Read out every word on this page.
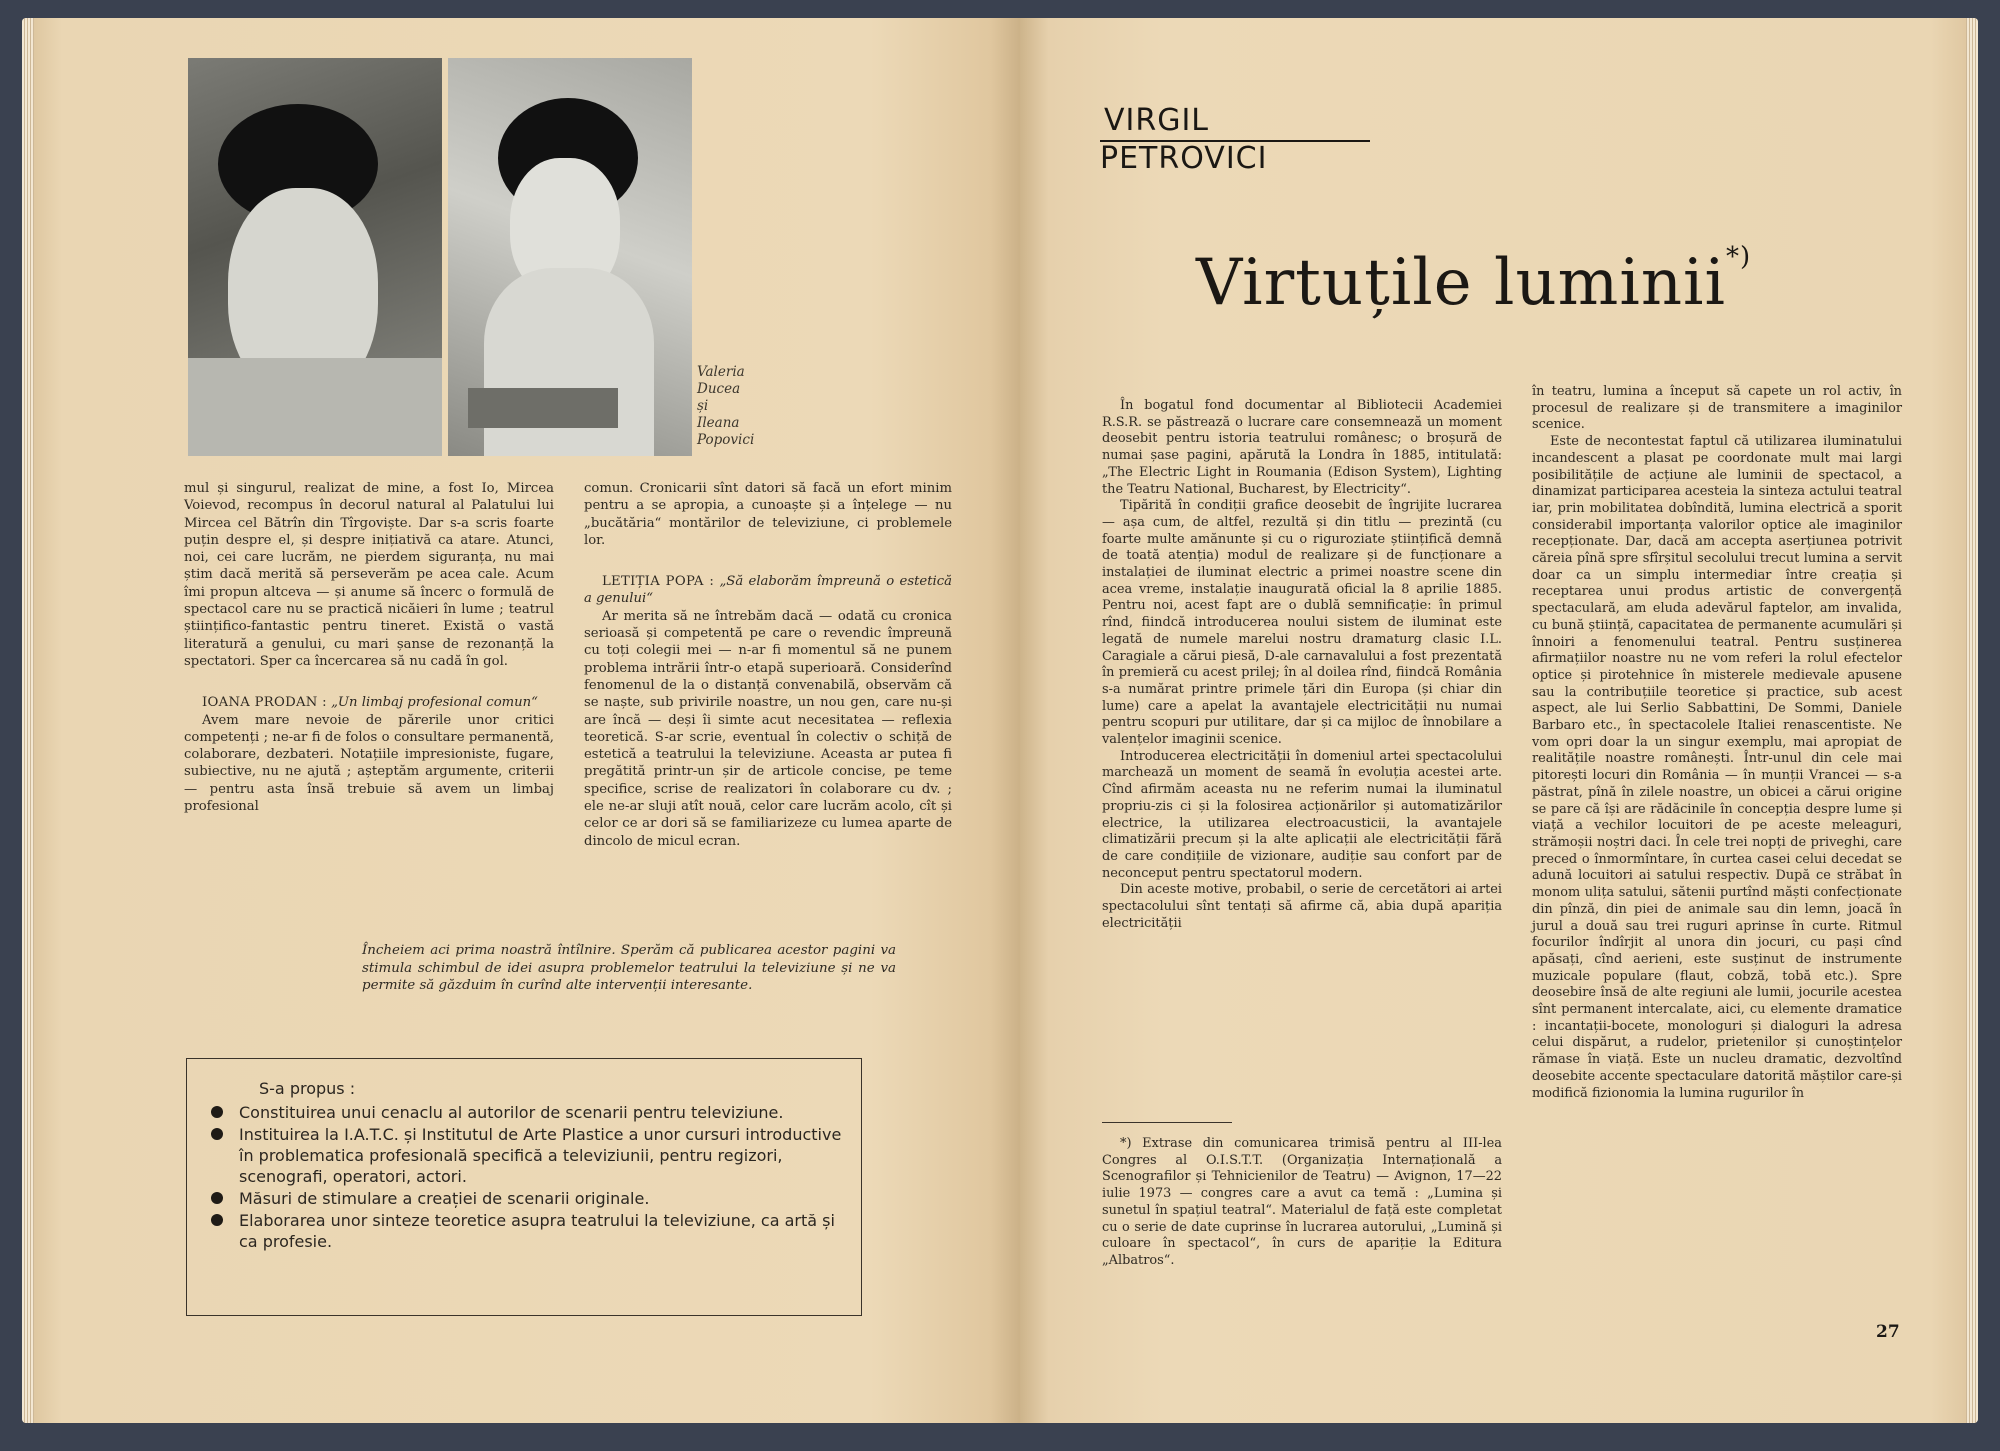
Valeria
Ducea
și
Ileana
Popovici

mul și singurul, realizat de mine, a fost Io, Mircea Voievod, recompus în decorul natural al Palatului lui Mircea cel Bătrîn din Tîrgoviște. Dar s-a scris foarte puțin despre el, și despre inițiativă ca atare. Atunci, noi, cei care lucrăm, ne pierdem siguranța, nu mai știm dacă merită să perseverăm pe acea cale. Acum îmi propun altceva — și anume să încerc o formulă de spectacol care nu se practică nicăieri în lume ; teatrul științifico-fantastic pentru tineret. Există o vastă literatură a genului, cu mari șanse de rezonanță la spectatori. Sper ca încercarea să nu cadă în gol.

IOANA PRODAN : „Un limbaj profesional comun“

Avem mare nevoie de părerile unor critici competenți ; ne-ar fi de folos o consultare permanentă, colaborare, dezbateri. Notațiile impresioniste, fugare, subiective, nu ne ajută ; așteptăm argumente, criterii — pentru asta însă trebuie să avem un limbaj profesional

comun. Cronicarii sînt datori să facă un efort minim pentru a se apropia, a cunoaște și a înțelege — nu „bucătăria“ montărilor de televiziune, ci problemele lor.

LETIȚIA POPA : „Să elaborăm împreună o estetică a genului“

Ar merita să ne întrebăm dacă — odată cu cronica serioasă și competentă pe care o revendic împreună cu toți colegii mei — n-ar fi momentul să ne punem problema intrării într-o etapă superioară. Considerînd fenomenul de la o distanță convenabilă, observăm că se naște, sub privirile noastre, un nou gen, care nu-și are încă — deși îi simte acut necesitatea — reflexia teoretică. S-ar scrie, eventual în colectiv o schiță de estetică a teatrului la televiziune. Aceasta ar putea fi pregătită printr-un șir de articole concise, pe teme specifice, scrise de realizatori în colaborare cu dv. ; ele ne-ar sluji atît nouă, celor care lucrăm acolo, cît și celor ce ar dori să se familiarizeze cu lumea aparte de dincolo de micul ecran.

Încheiem aci prima noastră întîlnire. Sperăm că publicarea acestor pagini va stimula schimbul de idei asupra problemelor teatrului la televiziune și ne va permite să găzduim în curînd alte intervenții interesante.
S-a propus :
Constituirea unui cenaclu al autorilor de scenarii pentru televiziune.
Instituirea la I.A.T.C. și Institutul de Arte Plastice a unor cursuri introductive în problematica profesională specifică a televiziunii, pentru regizori, scenografi, operatori, actori.
Măsuri de stimulare a creației de scenarii originale.
Elaborarea unor sinteze teoretice asupra teatrului la televiziune, ca artă și ca profesie.
VIRGIL
PETROVICI
Virtuțile luminii*)

În bogatul fond documentar al Bibliotecii Academiei R.S.R. se păstrează o lucrare care consemnează un moment deosebit pentru istoria teatrului românesc; o broșură de numai șase pagini, apărută la Londra în 1885, intitulată: „The Electric Light in Roumania (Edison System), Lighting the Teatru National, Bucharest, by Electricity“.

Tipărită în condiții grafice deosebit de îngrijite lucrarea — așa cum, de altfel, rezultă și din titlu — prezintă (cu foarte multe amănunte și cu o riguroziate științifică demnă de toată atenția) modul de realizare și de funcționare a instalației de iluminat electric a primei noastre scene din acea vreme, instalație inaugurată oficial la 8 aprilie 1885. Pentru noi, acest fapt are o dublă semnificație: în primul rînd, fiindcă introducerea noului sistem de iluminat este legată de numele marelui nostru dramaturg clasic I.L. Caragiale a cărui piesă, D-ale carnavalului a fost prezentată în premieră cu acest prilej; în al doilea rînd, fiindcă România s-a numărat printre primele țări din Europa (și chiar din lume) care a apelat la avantajele electricității nu numai pentru scopuri pur utilitare, dar și ca mijloc de înnobilare a valențelor imaginii scenice.

Introducerea electricității în domeniul artei spectacolului marchează un moment de seamă în evoluția acestei arte. Cînd afirmăm aceasta nu ne referim numai la iluminatul propriu-zis ci și la folosirea acționărilor și automatizărilor electrice, la utilizarea electroacusticii, la avantajele climatizării precum și la alte aplicații ale electricității fără de care condițiile de vizionare, audiție sau confort par de neconceput pentru spectatorul modern.

Din aceste motive, probabil, o serie de cercetători ai artei spectacolului sînt tentați să afirme că, abia după apariția electricității

*) Extrase din comunicarea trimisă pentru al III-lea Congres al O.I.S.T.T. (Organizația Internațională a Scenografilor și Tehnicienilor de Teatru) — Avignon, 17—22 iulie 1973 — congres care a avut ca temă : „Lumina și sunetul în spațiul teatral“. Materialul de față este completat cu o serie de date cuprinse în lucrarea autorului, „Lumină și culoare în spectacol“, în curs de apariție la Editura „Albatros“.

în teatru, lumina a început să capete un rol activ, în procesul de realizare și de transmitere a imaginilor scenice.

Este de necontestat faptul că utilizarea iluminatului incandescent a plasat pe coordonate mult mai largi posibilitățile de acțiune ale luminii de spectacol, a dinamizat participarea acesteia la sinteza actului teatral iar, prin mobilitatea dobîndită, lumina electrică a sporit considerabil importanța valorilor optice ale imaginilor recepționate. Dar, dacă am accepta aserțiunea potrivit căreia pînă spre sfîrșitul secolului trecut lumina a servit doar ca un simplu intermediar între creația și receptarea unui produs artistic de convergență spectaculară, am eluda adevărul faptelor, am invalida, cu bună știință, capacitatea de permanente acumulări și înnoiri a fenomenului teatral. Pentru susținerea afirmațiilor noastre nu ne vom referi la rolul efectelor optice și pirotehnice în misterele medievale apusene sau la contribuțiile teoretice și practice, sub acest aspect, ale lui Serlio Sabbattini, De Sommi, Daniele Barbaro etc., în spectacolele Italiei renascentiste. Ne vom opri doar la un singur exemplu, mai apropiat de realitățile noastre românești. Într-unul din cele mai pitorești locuri din România — în munții Vrancei — s-a păstrat, pînă în zilele noastre, un obicei a cărui origine se pare că își are rădăcinile în concepția despre lume și viață a vechilor locuitori de pe aceste meleaguri, strămoșii noștri daci. În cele trei nopți de priveghi, care preced o înmormîntare, în curtea casei celui decedat se adună locuitori ai satului respectiv. După ce străbat în monom ulița satului, sătenii purtînd măști confecționate din pînză, din piei de animale sau din lemn, joacă în jurul a două sau trei ruguri aprinse în curte. Ritmul focurilor îndîrjit al unora din jocuri, cu pași cînd apăsați, cînd aerieni, este susținut de instrumente muzicale populare (flaut, cobză, tobă etc.). Spre deosebire însă de alte regiuni ale lumii, jocurile acestea sînt permanent intercalate, aici, cu elemente dramatice : incantații-bocete, monologuri și dialoguri la adresa celui dispărut, a rudelor, prietenilor și cunoștințelor rămase în viață. Este un nucleu dramatic, dezvoltînd deosebite accente spectaculare datorită măștilor care-și modifică fizionomia la lumina rugurilor în

27
